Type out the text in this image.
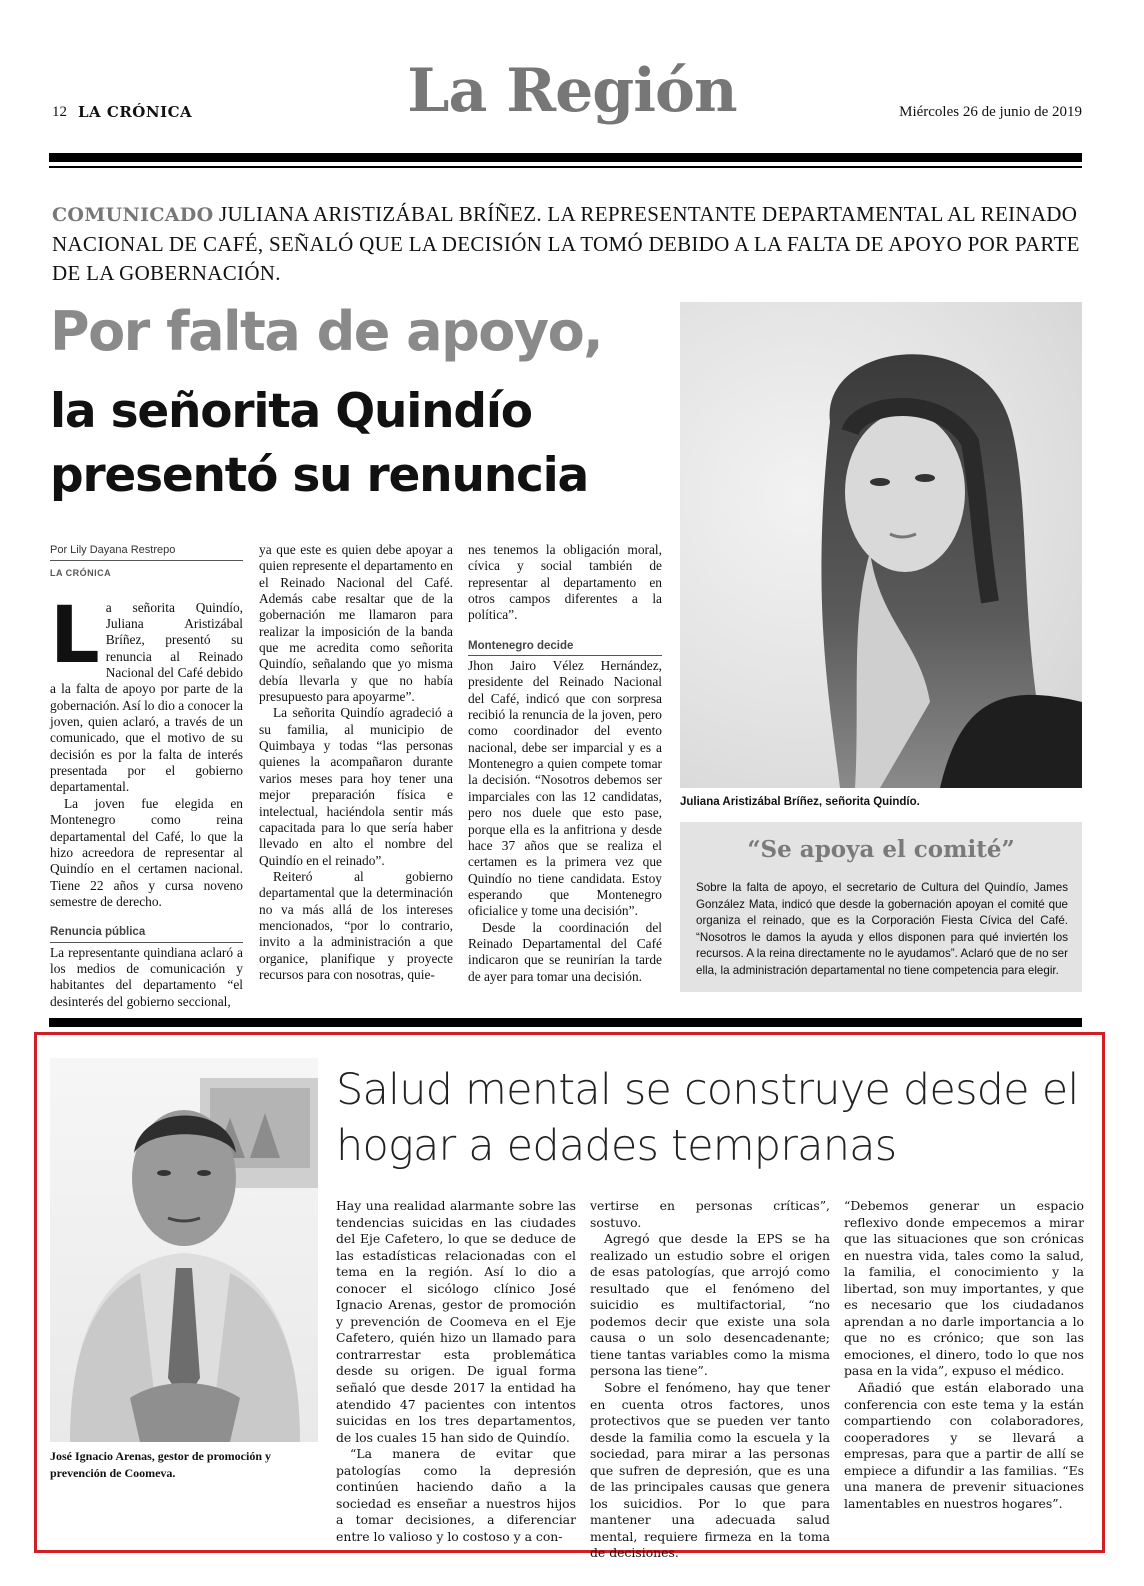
12 LA CRÓNICA	La Región	Miércoles 26 de junio de 2019
COMUNICADO JULIANA ARISTIZÁBAL BRÍÑEZ. LA REPRESENTANTE DEPARTAMENTAL AL REINADO NACIONAL DE CAFÉ, SEÑALÓ QUE LA DECISIÓN LA TOMÓ DEBIDO A LA FALTA DE APOYO POR PARTE DE LA GOBERNACIÓN.
Por falta de apoyo,
la señorita Quindío presentó su renuncia
Juliana Aristizábal Bríñez, señorita Quindío.
Por Lily Dayana Restrepo
LA CRÓNICA

La señorita Quindío, Juliana Aristizábal Bríñez, presentó su renuncia al Reinado Nacional del Café debido a la falta de apoyo por parte de la gobernación. Así lo dio a conocer la joven, quien aclaró, a través de un comunicado, que el motivo de su decisión es por la falta de interés presentada por el gobierno departamental.

La joven fue elegida en Montenegro como reina departamental del Café, lo que la hizo acreedora de representar al Quindío en el certamen nacional. Tiene 22 años y cursa noveno semestre de derecho.

Renuncia pública

La representante quindiana aclaró a los medios de comunicación y habitantes del departamento “el desinterés del gobierno seccional,

ya que este es quien debe apoyar a quien represente el departamento en el Reinado Nacional del Café. Además cabe resaltar que de la gobernación me llamaron para realizar la imposición de la banda que me acredita como señorita Quindío, señalando que yo misma debía llevarla y que no había presupuesto para apoyarme”.

La señorita Quindío agradeció a su familia, al municipio de Quimbaya y todas “las personas quienes la acompañaron durante varios meses para hoy tener una mejor preparación física e intelectual, haciéndola sentir más capacitada para lo que sería haber llevado en alto el nombre del Quindío en el reinado”.

Reiteró al gobierno departamental que la determinación no va más allá de los intereses mencionados, “por lo contrario, invito a la administración a que organice, planifique y proyecte recursos para con nosotras, quie-

nes tenemos la obligación moral, cívica y social también de representar al departamento en otros campos diferentes a la política”.

Montenegro decide

Jhon Jairo Vélez Hernández, presidente del Reinado Nacional del Café, indicó que con sorpresa recibió la renuncia de la joven, pero como coordinador del evento nacional, debe ser imparcial y es a Montenegro a quien compete tomar la decisión. “Nosotros debemos ser imparciales con las 12 candidatas, pero nos duele que esto pase, porque ella es la anfitriona y desde hace 37 años que se realiza el certamen es la primera vez que Quindío no tiene candidata. Estoy esperando que Montenegro oficialice y tome una decisión”.

Desde la coordinación del Reinado Departamental del Café indicaron que se reunirían la tarde de ayer para tomar una decisión.

“Se apoya el comité”
Sobre la falta de apoyo, el secretario de Cultura del Quindío, James González Mata, indicó que desde la gobernación apoyan el comité que organiza el reinado, que es la Corporación Fiesta Cívica del Café. “Nosotros le damos la ayuda y ellos disponen para qué inviertén los recursos. A la reina directamente no le ayudamos”. Aclaró que de no ser ella, la administración departamental no tiene competencia para elegir.
José Ignacio Arenas, gestor de promoción y prevención de Coomeva.
Salud mental se construye desde el hogar a edades tempranas

Hay una realidad alarmante sobre las tendencias suicidas en las ciudades del Eje Cafetero, lo que se deduce de las estadísticas relacionadas con el tema en la región. Así lo dio a conocer el sicólogo clínico José Ignacio Arenas, gestor de promoción y prevención de Coomeva en el Eje Cafetero, quién hizo un llamado para contrarrestar esta problemática desde su origen. De igual forma señaló que desde 2017 la entidad ha atendido 47 pacientes con intentos suicidas en los tres departamentos, de los cuales 15 han sido de Quindío.

“La manera de evitar que patologías como la depresión continúen haciendo daño a la sociedad es enseñar a nuestros hijos a tomar decisiones, a diferenciar entre lo valioso y lo costoso y a con-

vertirse en personas críticas”, sostuvo.

Agregó que desde la EPS se ha realizado un estudio sobre el origen de esas patologías, que arrojó como resultado que el fenómeno del suicidio es multifactorial, “no podemos decir que existe una sola causa o un solo desencadenante; tiene tantas variables como la misma persona las tiene”.

Sobre el fenómeno, hay que tener en cuenta otros factores, unos protectivos que se pueden ver tanto desde la familia como la escuela y la sociedad, para mirar a las personas que sufren de depresión, que es una de las principales causas que genera los suicidios. Por lo que para mantener una adecuada salud mental, requiere firmeza en la toma de decisiones.

“Debemos generar un espacio reflexivo donde empecemos a mirar que las situaciones que son crónicas en nuestra vida, tales como la salud, la familia, el conocimiento y la libertad, son muy importantes, y que es necesario que los ciudadanos aprendan a no darle importancia a lo que no es crónico; que son las emociones, el dinero, todo lo que nos pasa en la vida”, expuso el médico.

Añadió que están elaborado una conferencia con este tema y la están compartiendo con colaboradores, cooperadores y se llevará a empresas, para que a partir de allí se empiece a difundir a las familias. “Es una manera de prevenir situaciones lamentables en nuestros hogares”.
